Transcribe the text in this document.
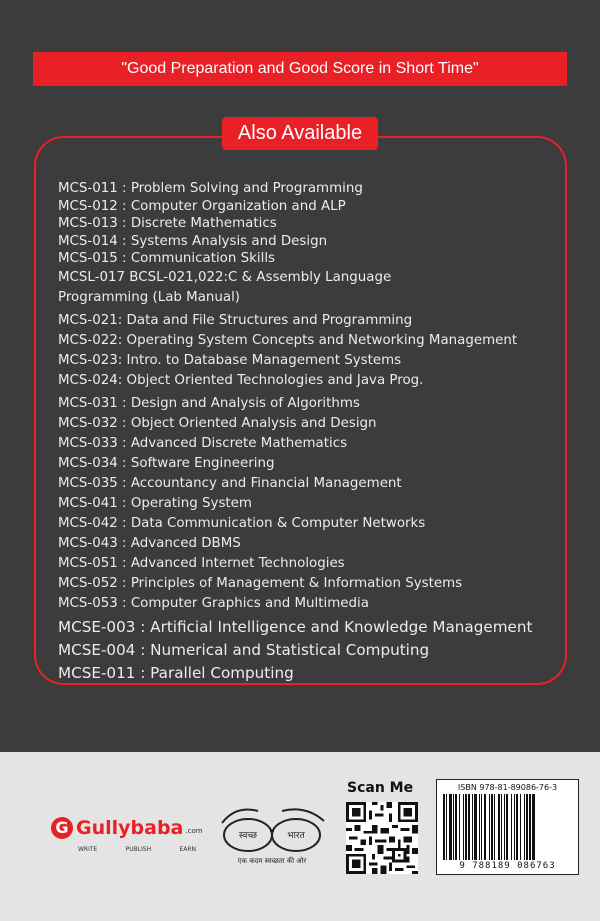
"Good Preparation and Good Score in Short Time"
Also Available
MCS-011 : Problem Solving and Programming
MCS-012 : Computer Organization and ALP
MCS-013 : Discrete Mathematics
MCS-014 : Systems Analysis and Design
MCS-015 : Communication Skills
MCSL-017 BCSL-021,022:C & Assembly Language
Programming (Lab Manual)
MCS-021: Data and File Structures and Programming
MCS-022: Operating System Concepts and Networking Management
MCS-023: Intro. to Database Management Systems
MCS-024: Object Oriented Technologies and Java Prog.
MCS-031 : Design and Analysis of Algorithms
MCS-032 : Object Oriented Analysis and Design
MCS-033 : Advanced Discrete Mathematics
MCS-034 : Software Engineering
MCS-035 : Accountancy and Financial Management
MCS-041 : Operating System
MCS-042 : Data Communication & Computer Networks
MCS-043 : Advanced DBMS
MCS-051 : Advanced Internet Technologies
MCS-052 : Principles of Management & Information Systems
MCS-053 : Computer Graphics and Multimedia
MCSE-003 : Artificial Intelligence and Knowledge Management
MCSE-004 : Numerical and Statistical Computing
MCSE-011 : Parallel Computing
G Gullybaba .com
WRITE	PUBLISH	EARN
स्वच्छ	भारत
एक कदम स्वच्छता की ओर
Scan Me	ISBN 978-81-89086-76-3
9 788189 086763
